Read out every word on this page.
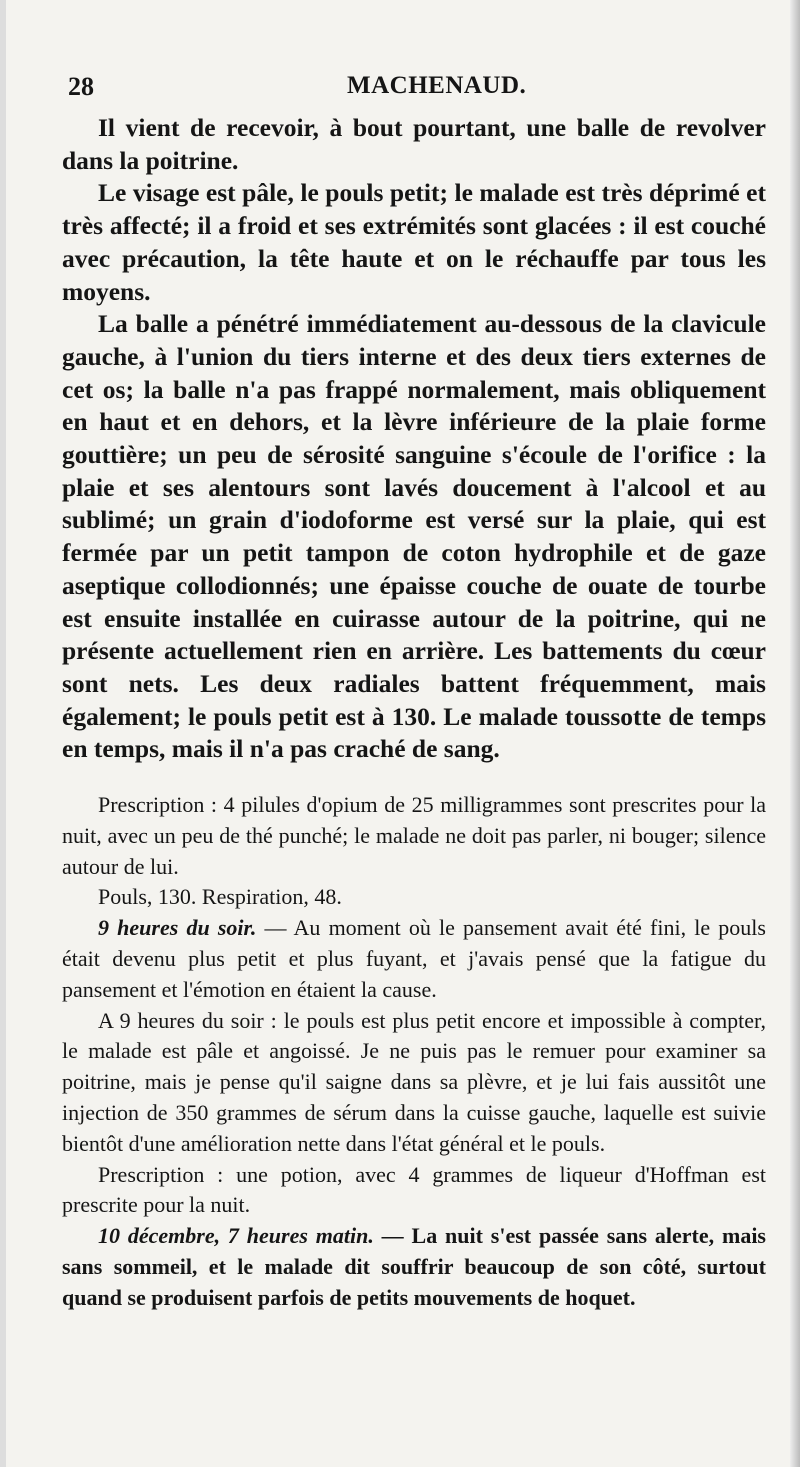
28	MACHENAUD.

Il vient de recevoir, à bout pourtant, une balle de revolver dans la poitrine.

Le visage est pâle, le pouls petit; le malade est très déprimé et très affecté; il a froid et ses extrémités sont glacées : il est couché avec précaution, la tête haute et on le réchauffe par tous les moyens.

La balle a pénétré immédiatement au-dessous de la clavicule gauche, à l'union du tiers interne et des deux tiers externes de cet os; la balle n'a pas frappé normalement, mais obliquement en haut et en dehors, et la lèvre inférieure de la plaie forme gouttière; un peu de sérosité sanguine s'écoule de l'orifice : la plaie et ses alentours sont lavés doucement à l'alcool et au sublimé; un grain d'iodoforme est versé sur la plaie, qui est fermée par un petit tampon de coton hydrophile et de gaze aseptique collodionnés; une épaisse couche de ouate de tourbe est ensuite installée en cuirasse autour de la poitrine, qui ne présente actuellement rien en arrière. Les battements du cœur sont nets. Les deux radiales battent fréquemment, mais également; le pouls petit est à 130. Le malade toussotte de temps en temps, mais il n'a pas craché de sang.

Prescription : 4 pilules d'opium de 25 milligrammes sont prescrites pour la nuit, avec un peu de thé punché; le malade ne doit pas parler, ni bouger; silence autour de lui.

Pouls, 130. Respiration, 48.

9 heures du soir. — Au moment où le pansement avait été fini, le pouls était devenu plus petit et plus fuyant, et j'avais pensé que la fatigue du pansement et l'émotion en étaient la cause.

A 9 heures du soir : le pouls est plus petit encore et impossible à compter, le malade est pâle et angoissé. Je ne puis pas le remuer pour examiner sa poitrine, mais je pense qu'il saigne dans sa plèvre, et je lui fais aussitôt une injection de 350 grammes de sérum dans la cuisse gauche, laquelle est suivie bientôt d'une amélioration nette dans l'état général et le pouls.

Prescription : une potion, avec 4 grammes de liqueur d'Hoffman est prescrite pour la nuit.

10 décembre, 7 heures matin. — La nuit s'est passée sans alerte, mais sans sommeil, et le malade dit souffrir beaucoup de son côté, surtout quand se produisent parfois de petits mouvements de hoquet.
